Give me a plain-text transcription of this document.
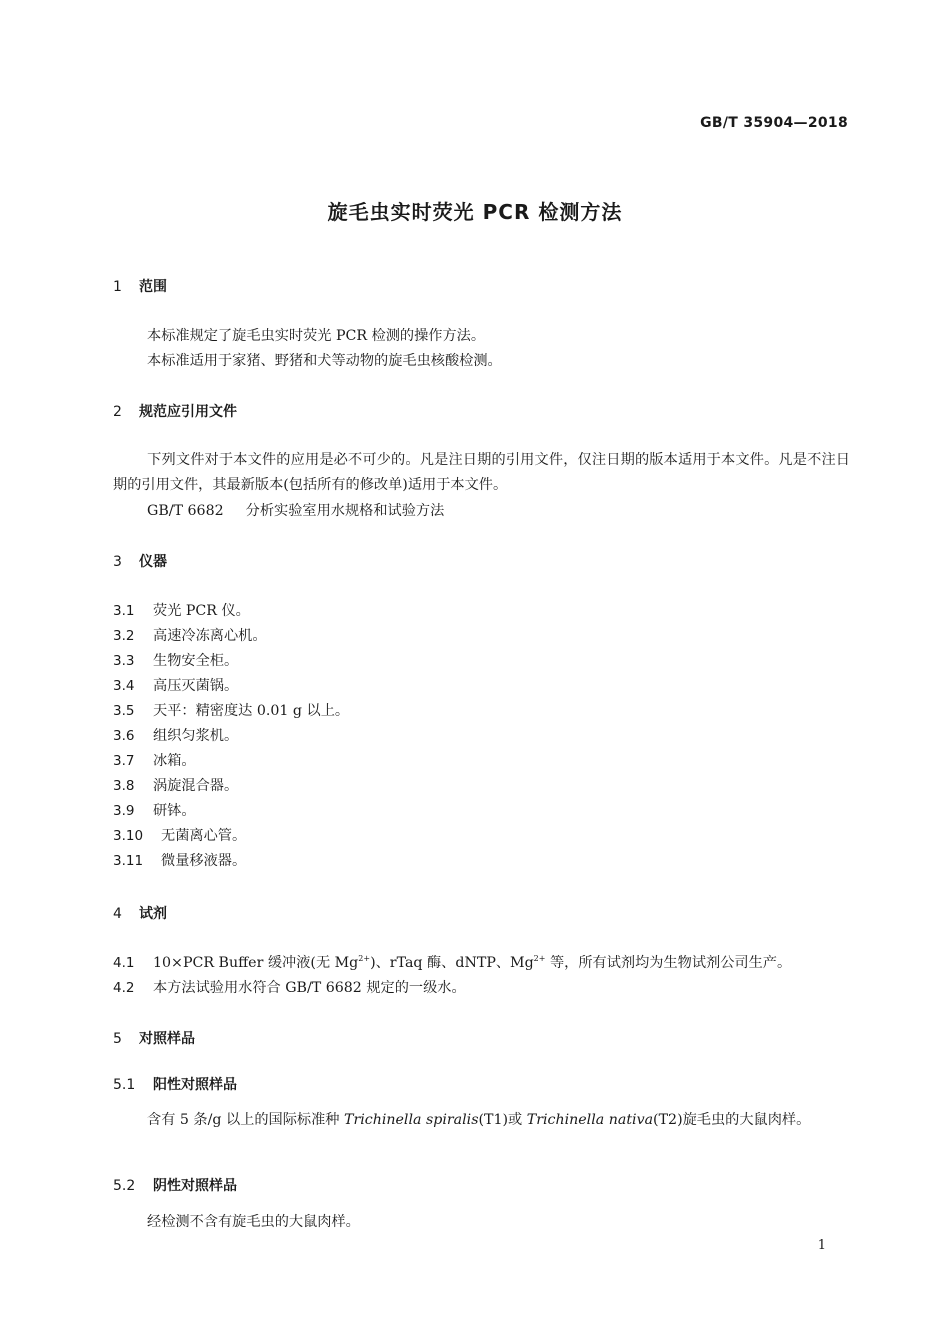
GB/T 35904—2018
旋毛虫实时荧光 PCR 检测方法
1 范围
本标准规定了旋毛虫实时荧光 PCR 检测的操作方法。
本标准适用于家猪、野猪和犬等动物的旋毛虫核酸检测。
2 规范应引用文件
下列文件对于本文件的应用是必不可少的。凡是注日期的引用文件，仅注日期的版本适用于本文件。凡是不注日期的引用文件，其最新版本(包括所有的修改单)适用于本文件。
GB/T 6682 分析实验室用水规格和试验方法
3 仪器
3.1 荧光 PCR 仪。
3.2 高速冷冻离心机。
3.3 生物安全柜。
3.4 高压灭菌锅。
3.5 天平：精密度达 0.01 g 以上。
3.6 组织匀浆机。
3.7 冰箱。
3.8 涡旋混合器。
3.9 研钵。
3.10 无菌离心管。
3.11 微量移液器。
4 试剂
4.1 10×PCR Buffer 缓冲液(无 $Mg^{2+}$)、rTaq 酶、dNTP、$Mg^{2+}$ 等，所有试剂均为生物试剂公司生产。
4.2 本方法试验用水符合 GB/T 6682 规定的一级水。
5 对照样品
5.1 阳性对照样品
含有 5 条/g 以上的国际标准种 Trichinella spiralis(T1)或 Trichinella nativa(T2)旋毛虫的大鼠肉样。
5.2 阴性对照样品
经检测不含有旋毛虫的大鼠肉样。
1
